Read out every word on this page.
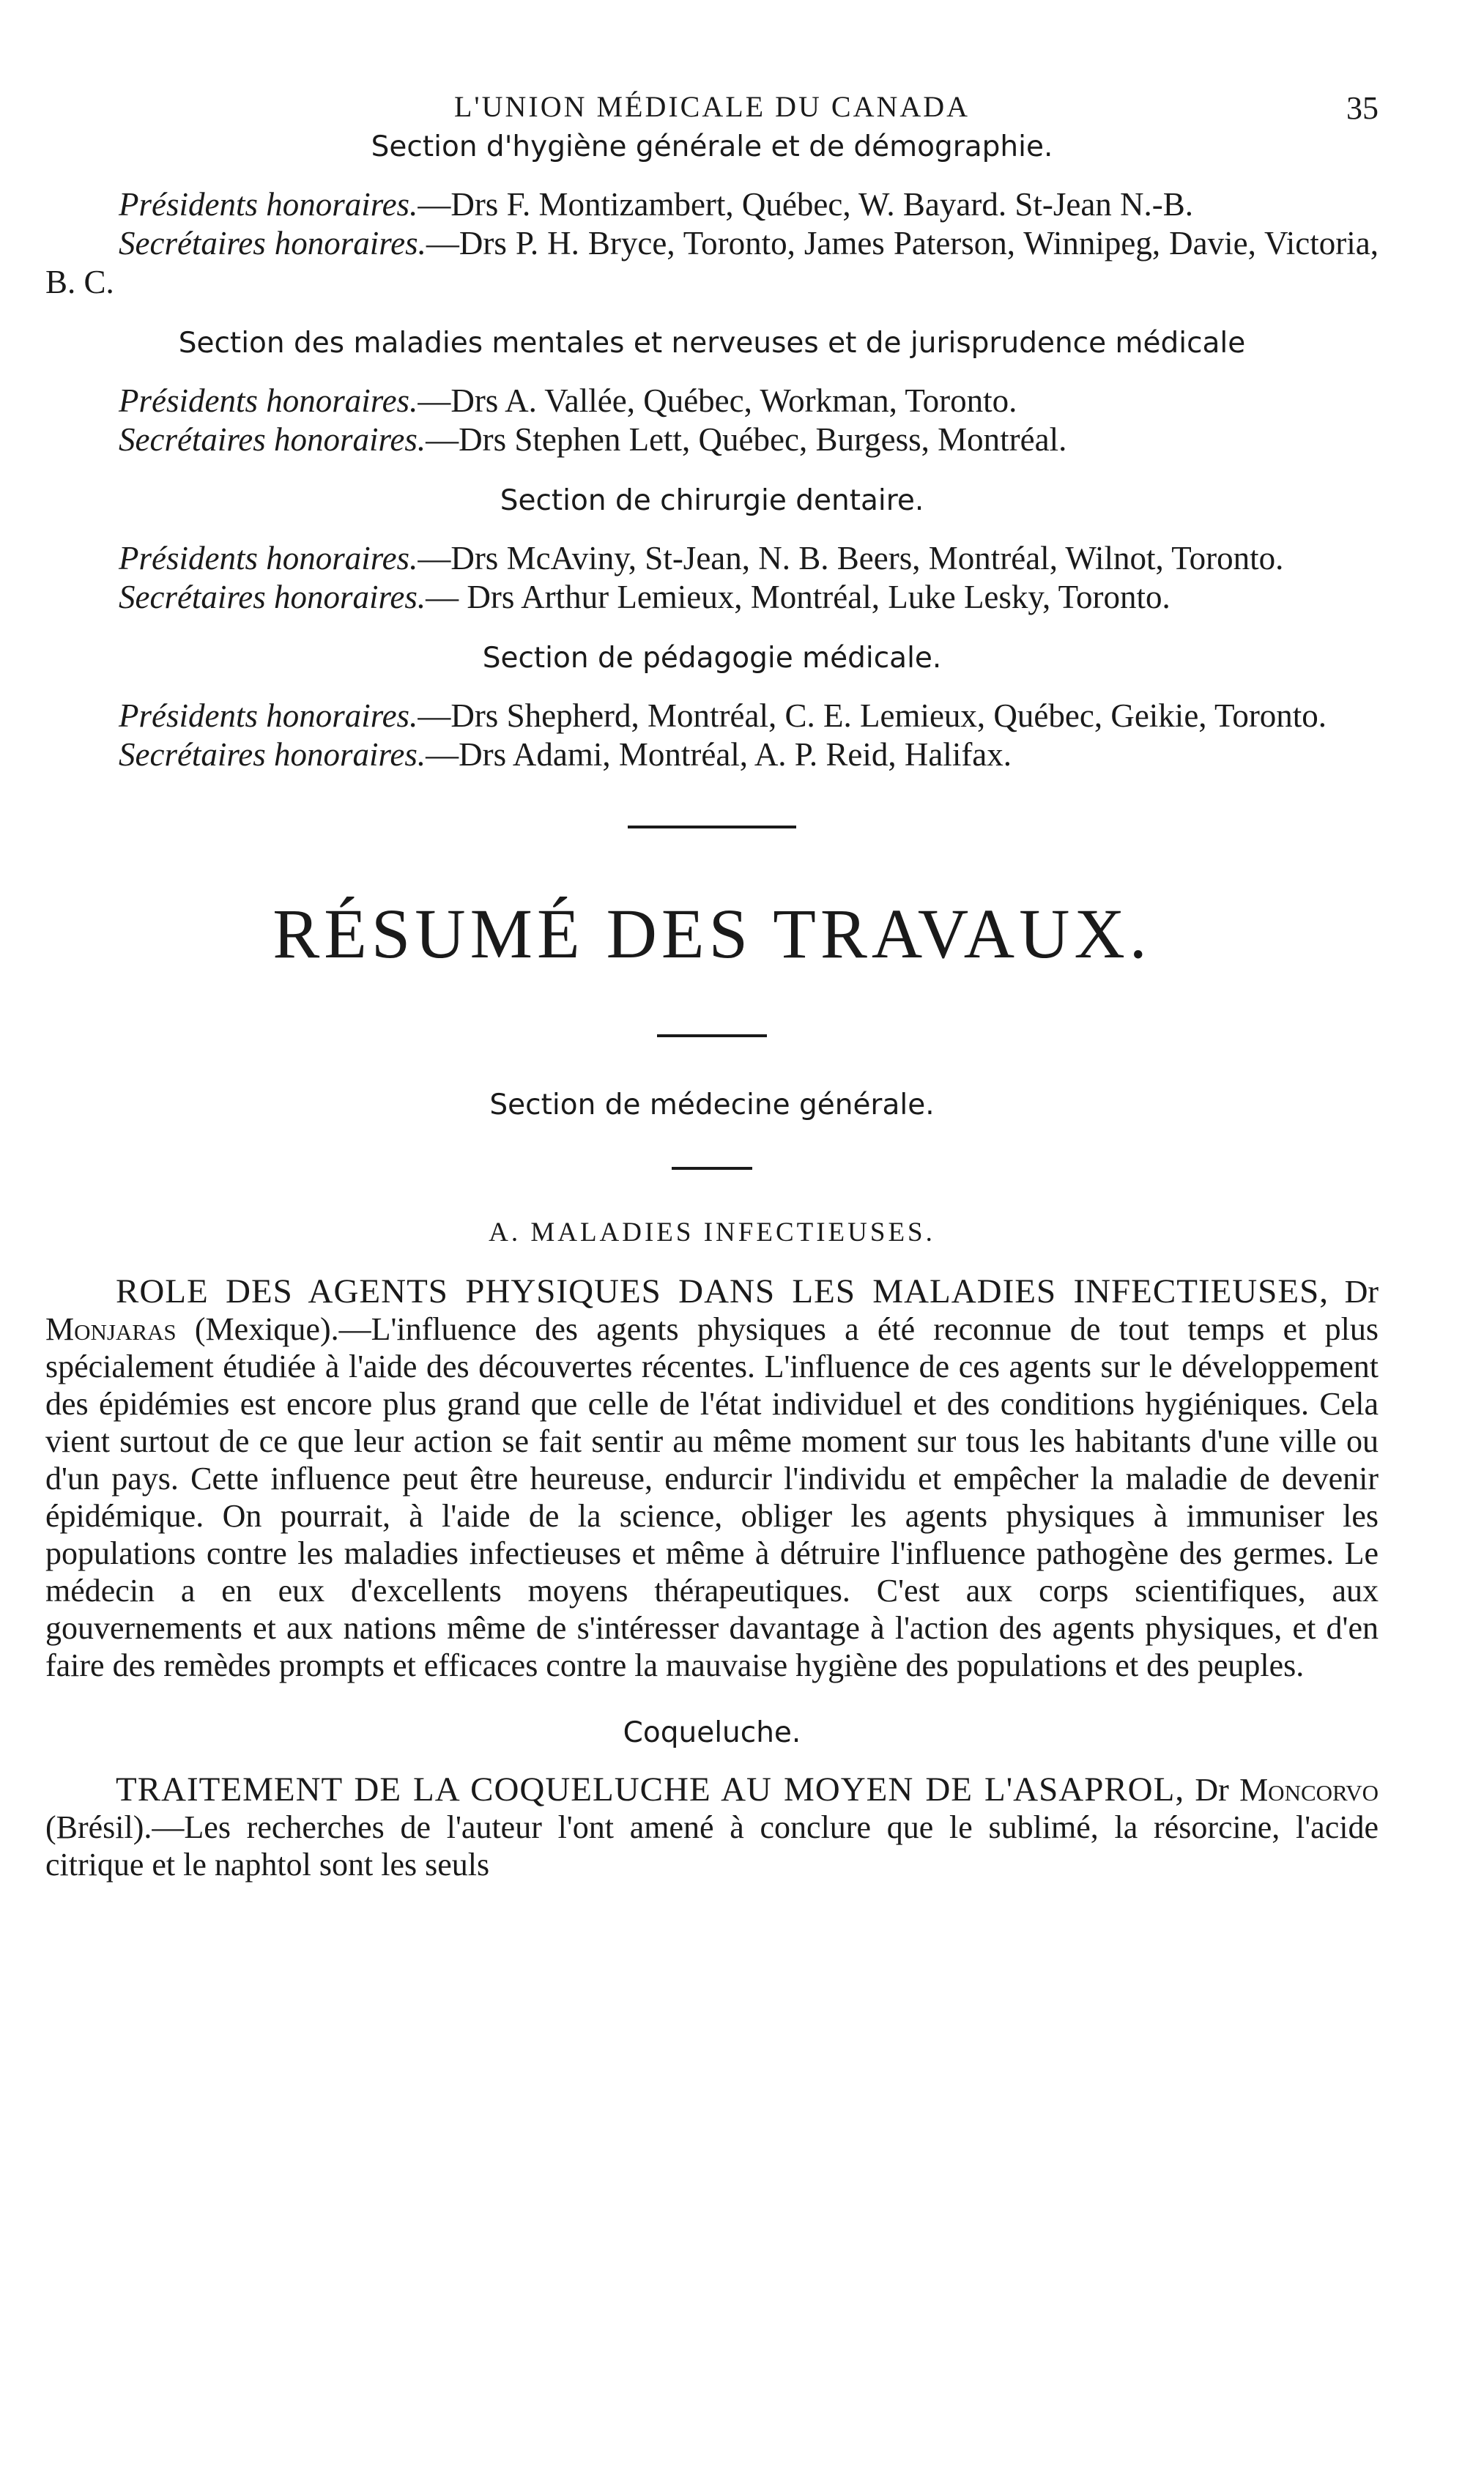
L'UNION MÉDICALE DU CANADA	35
Section d'hygiène générale et de démographie.

Présidents honoraires.—Drs F. Montizambert, Québec, W. Bayard. St-Jean N.-B.

Secrétaires honoraires.—Drs P. H. Bryce, Toronto, James Paterson, Winnipeg, Davie, Victoria, B. C.

Section des maladies mentales et nerveuses et de jurisprudence médicale

Présidents honoraires.—Drs A. Vallée, Québec, Workman, Toronto.

Secrétaires honoraires.—Drs Stephen Lett, Québec, Burgess, Montréal.

Section de chirurgie dentaire.

Présidents honoraires.—Drs McAviny, St-Jean, N. B. Beers, Montréal, Wilnot, Toronto.

Secrétaires honoraires.— Drs Arthur Lemieux, Montréal, Luke Lesky, Toronto.

Section de pédagogie médicale.

Présidents honoraires.—Drs Shepherd, Montréal, C. E. Lemieux, Québec, Geikie, Toronto.

Secrétaires honoraires.—Drs Adami, Montréal, A. P. Reid, Halifax.

RÉSUMÉ DES TRAVAUX.
Section de médecine générale.
A. MALADIES INFECTIEUSES.

ROLE DES AGENTS PHYSIQUES DANS LES MALADIES INFECTIEUSES, Dr Monjaras (Mexique).—L'influence des agents physiques a été reconnue de tout temps et plus spécialement étudiée à l'aide des découvertes récentes. L'influence de ces agents sur le développement des épidémies est encore plus grand que celle de l'état individuel et des conditions hygiéniques. Cela vient surtout de ce que leur action se fait sentir au même moment sur tous les habitants d'une ville ou d'un pays. Cette influence peut être heureuse, endurcir l'individu et empêcher la maladie de devenir épidémique. On pourrait, à l'aide de la science, obliger les agents physiques à immuniser les populations contre les maladies infectieuses et même à détruire l'influence pathogène des germes. Le médecin a en eux d'excellents moyens thérapeutiques. C'est aux corps scientifiques, aux gouvernements et aux nations même de s'intéresser davantage à l'action des agents physiques, et d'en faire des remèdes prompts et efficaces contre la mauvaise hygiène des populations et des peuples.

Coqueluche.

TRAITEMENT DE LA COQUELUCHE AU MOYEN DE L'ASAPROL, Dr Moncorvo (Brésil).—Les recherches de l'auteur l'ont amené à conclure que le sublimé, la résorcine, l'acide citrique et le naphtol sont les seuls
